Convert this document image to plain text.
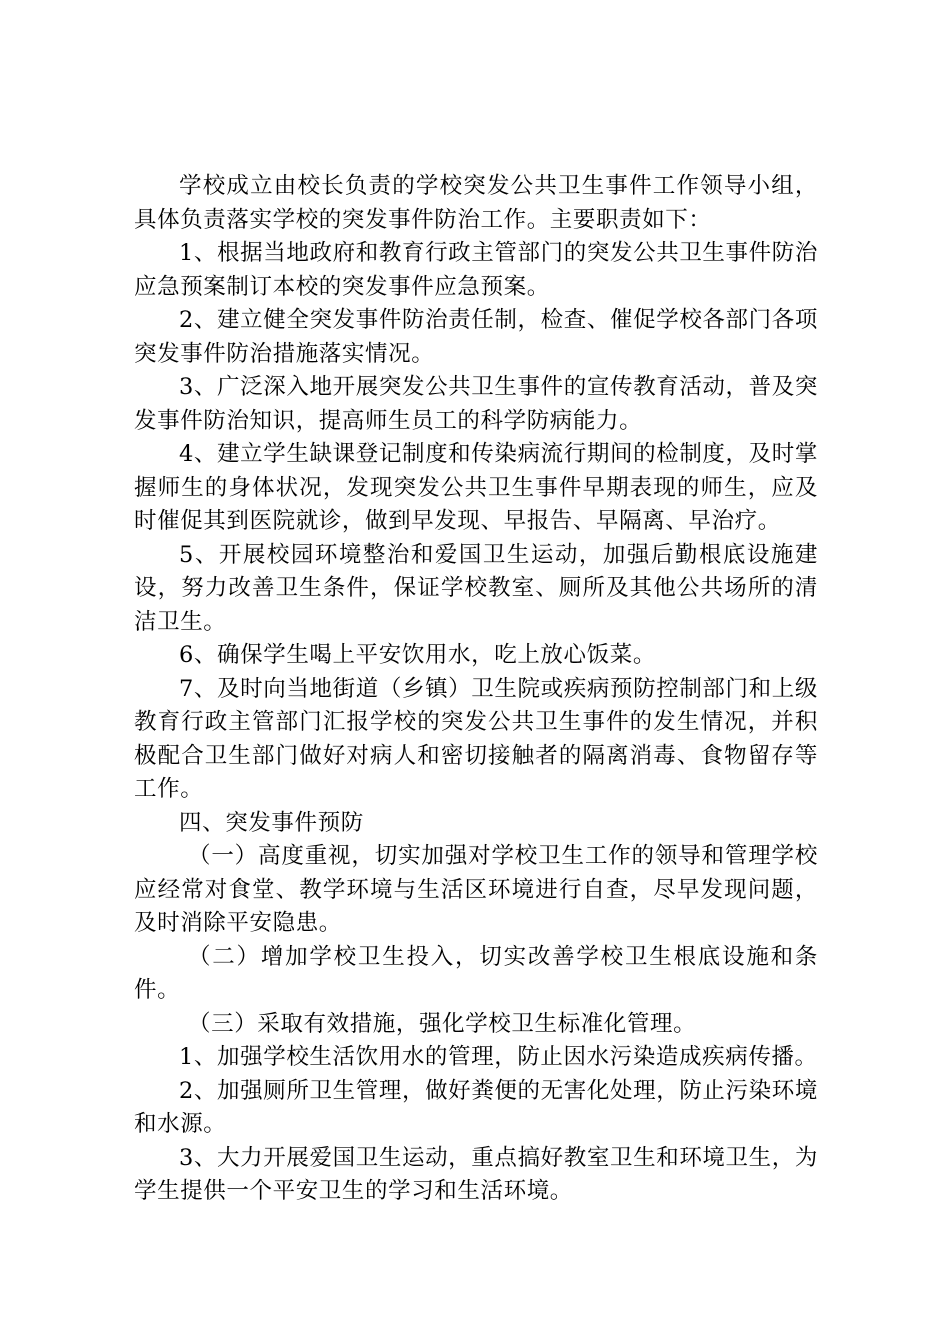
学校成立由校长负责的学校突发公共卫生事件工作领导小组，具体负责落实学校的突发事件防治工作。主要职责如下：

1、根据当地政府和教育行政主管部门的突发公共卫生事件防治应急预案制订本校的突发事件应急预案。

2、建立健全突发事件防治责任制，检查、催促学校各部门各项突发事件防治措施落实情况。

3、广泛深入地开展突发公共卫生事件的宣传教育活动，普及突发事件防治知识，提高师生员工的科学防病能力。

4、建立学生缺课登记制度和传染病流行期间的检制度，及时掌握师生的身体状况，发现突发公共卫生事件早期表现的师生，应及时催促其到医院就诊，做到早发现、早报告、早隔离、早治疗。

5、开展校园环境整治和爱国卫生运动，加强后勤根底设施建设，努力改善卫生条件，保证学校教室、厕所及其他公共场所的清洁卫生。

6、确保学生喝上平安饮用水，吃上放心饭菜。

7、及时向当地街道（乡镇）卫生院或疾病预防控制部门和上级教育行政主管部门汇报学校的突发公共卫生事件的发生情况，并积极配合卫生部门做好对病人和密切接触者的隔离消毒、食物留存等工作。

四、突发事件预防

（一）高度重视，切实加强对学校卫生工作的领导和管理学校应经常对食堂、教学环境与生活区环境进行自查，尽早发现问题，及时消除平安隐患。

（二）增加学校卫生投入，切实改善学校卫生根底设施和条件。

（三）采取有效措施，强化学校卫生标准化管理。

1、加强学校生活饮用水的管理，防止因水污染造成疾病传播。

2、加强厕所卫生管理，做好粪便的无害化处理，防止污染环境和水源。

3、大力开展爱国卫生运动，重点搞好教室卫生和环境卫生，为学生提供一个平安卫生的学习和生活环境。
